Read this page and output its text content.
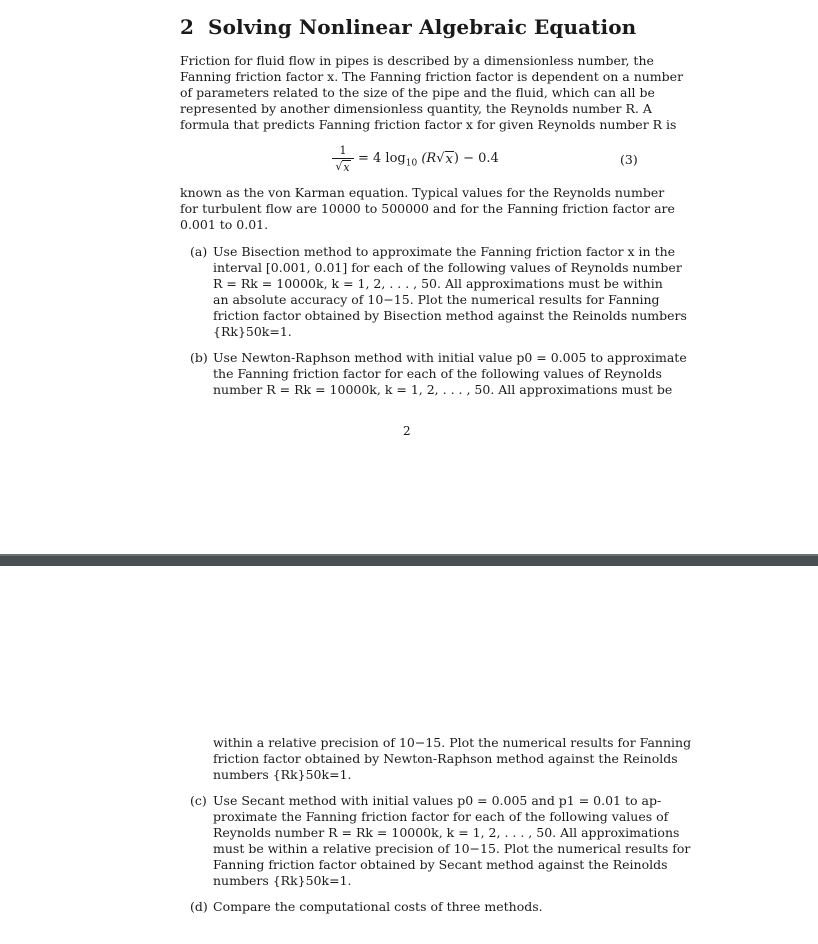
2 Solving Nonlinear Algebraic Equation
Friction for fluid flow in pipes is described by a dimensionless number, the
Fanning friction factor x. The Fanning friction factor is dependent on a number
of parameters related to the size of the pipe and the fluid, which can all be
represented by another dimensionless quantity, the Reynolds number R. A
formula that predicts Fanning friction factor x for given Reynolds number R is
$\frac{1}{√ x} = 4$ $\log_{10} (R√$ x ) − 0.4	(3)
known as the von Karman equation. Typical values for the Reynolds number
for turbulent flow are 10000 to 500000 and for the Fanning friction factor are
0.001 to 0.01.
(a) Use Bisection method to approximate the Fanning friction factor x in the
interval [0.001, 0.01] for each of the following values of Reynolds number
R = Rk = 10000k, k = 1, 2, . . . , 50. All approximations must be within
an absolute accuracy of 10−15. Plot the numerical results for Fanning
friction factor obtained by Bisection method against the Reinolds numbers
{Rk}50k=1.
(b) Use Newton-Raphson method with initial value p0 = 0.005 to approximate
the Fanning friction factor for each of the following values of Reynolds
number R = Rk = 10000k, k = 1, 2, . . . , 50. All approximations must be
2
within a relative precision of 10−15. Plot the numerical results for Fanning
friction factor obtained by Newton-Raphson method against the Reinolds
numbers {Rk}50k=1.
(c) Use Secant method with initial values p0 = 0.005 and p1 = 0.01 to ap-
proximate the Fanning friction factor for each of the following values of
Reynolds number R = Rk = 10000k, k = 1, 2, . . . , 50. All approximations
must be within a relative precision of 10−15. Plot the numerical results for
Fanning friction factor obtained by Secant method against the Reinolds
numbers {Rk}50k=1.
(d) Compare the computational costs of three methods.
